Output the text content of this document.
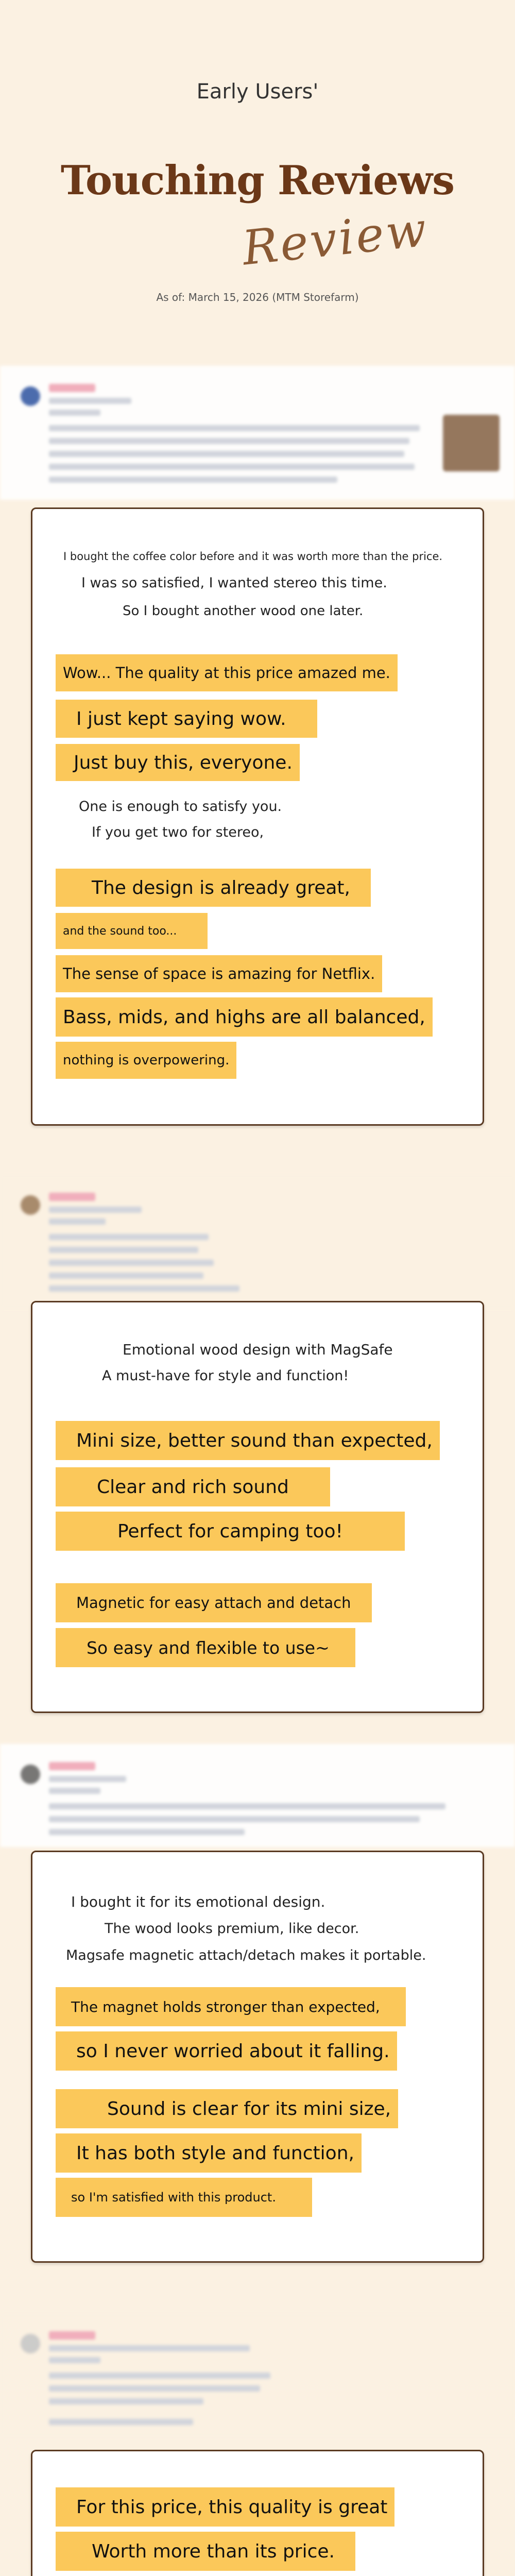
Early Users'
Touching Reviews
Review
As of: March 15, 2026 (MTM Storefarm)
I bought the coffee color before and it was worth more than the price.
I was so satisfied, I wanted stereo this time.
So I bought another wood one later.
Wow... The quality at this price amazed me.
I just kept saying wow.
Just buy this, everyone.
One is enough to satisfy you.
If you get two for stereo,
The design is already great,
and the sound too...
The sense of space is amazing for Netflix.
Bass, mids, and highs are all balanced,
nothing is overpowering.
Emotional wood design with MagSafe
A must-have for style and function!
Mini size, better sound than expected,
Clear and rich sound
Perfect for camping too!
Magnetic for easy attach and detach
So easy and flexible to use~
I bought it for its emotional design.
The wood looks premium, like decor.
Magsafe magnetic attach/detach makes it portable.
The magnet holds stronger than expected,
so I never worried about it falling.
Sound is clear for its mini size,
It has both style and function,
so I'm satisfied with this product.
For this price, this quality is great
Worth more than its price.
